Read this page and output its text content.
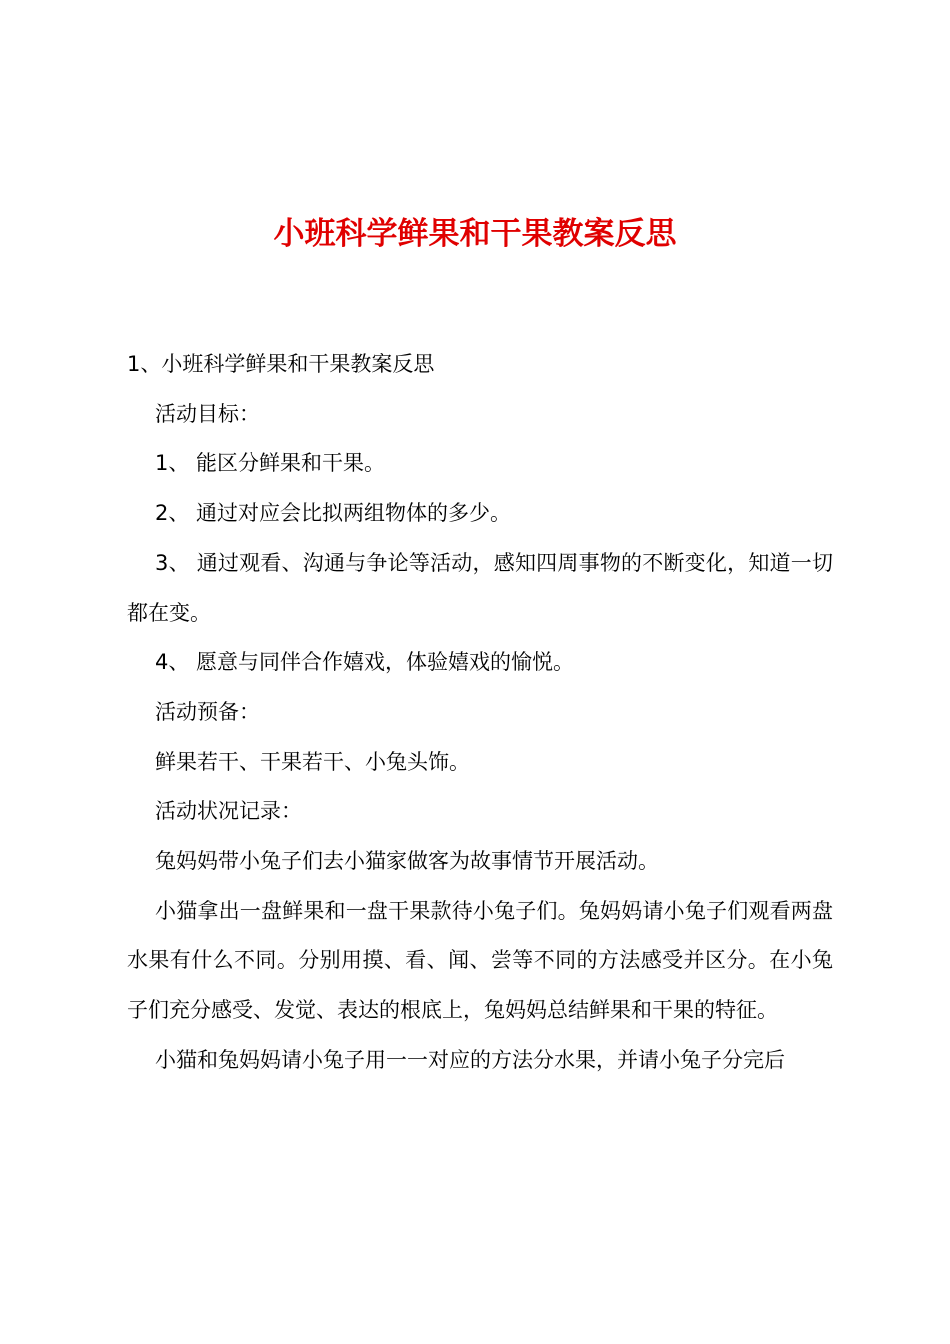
小班科学鲜果和干果教案反思

1、小班科学鲜果和干果教案反思

活动目标：

1、 能区分鲜果和干果。

2、 通过对应会比拟两组物体的多少。

3、 通过观看、沟通与争论等活动，感知四周事物的不断变化，知道一切都在变。

4、 愿意与同伴合作嬉戏，体验嬉戏的愉悦。

活动预备：

鲜果若干、干果若干、小兔头饰。

活动状况记录：

兔妈妈带小兔子们去小猫家做客为故事情节开展活动。

小猫拿出一盘鲜果和一盘干果款待小兔子们。兔妈妈请小兔子们观看两盘水果有什么不同。分别用摸、看、闻、尝等不同的方法感受并区分。在小兔子们充分感受、发觉、表达的根底上，兔妈妈总结鲜果和干果的特征。

小猫和兔妈妈请小兔子用一一对应的方法分水果，并请小兔子分完后
